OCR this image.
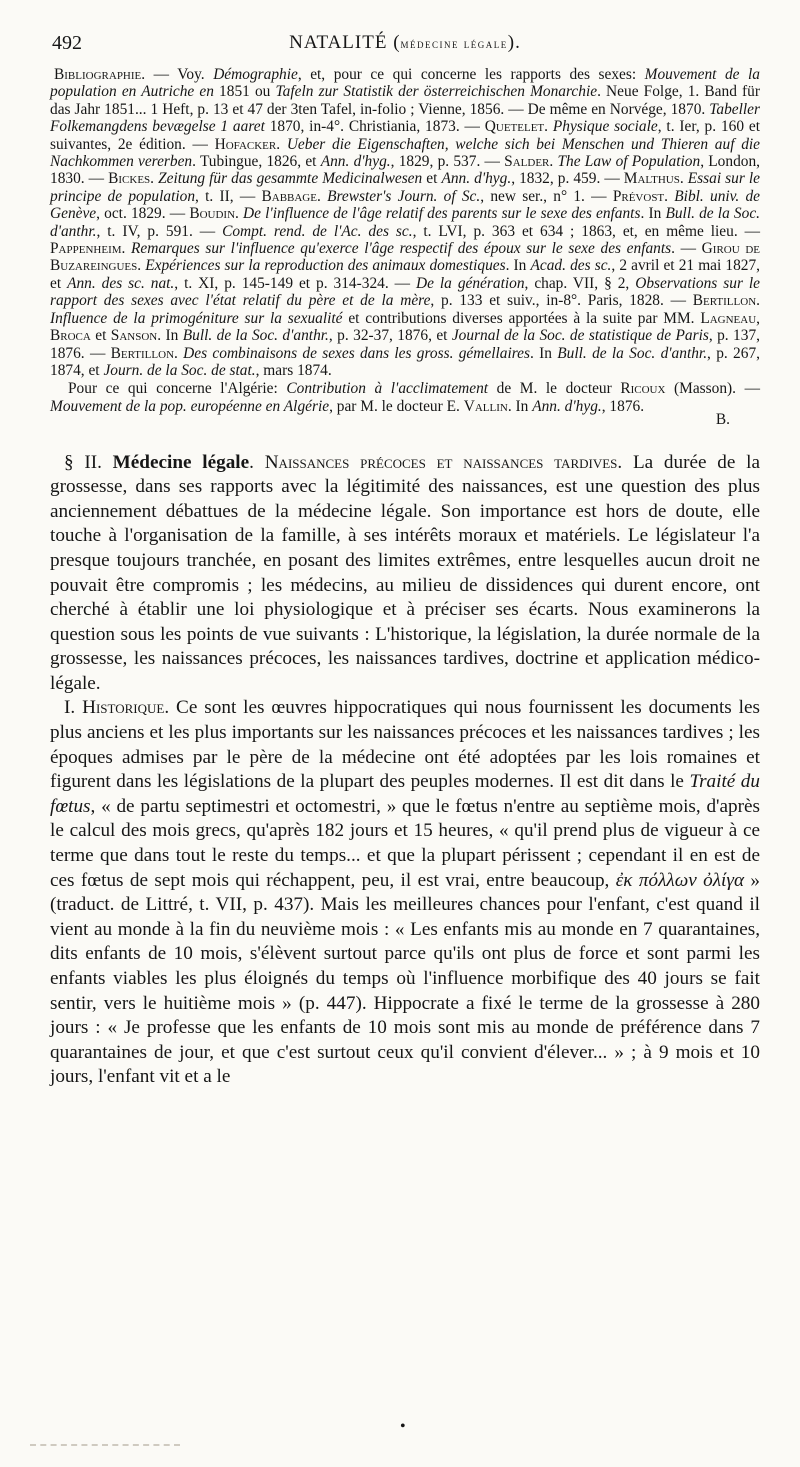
492	NATALITÉ (médecine légale).

Bibliographie. — Voy. Démographie, et, pour ce qui concerne les rapports des sexes: Mouvement de la population en Autriche en 1851 ou Tafeln zur Statistik der österreichischen Monarchie. Neue Folge, 1. Band für das Jahr 1851... 1 Heft, p. 13 et 47 der 3ten Tafel, in-folio ; Vienne, 1856. — De même en Norvége, 1870. Tabeller Folkemangdens bevægelse 1 aaret 1870, in-4°. Christiania, 1873. — Quetelet. Physique sociale, t. Ier, p. 160 et suivantes, 2e édition. — Hofacker. Ueber die Eigenschaften, welche sich bei Menschen und Thieren auf die Nachkommen vererben. Tubingue, 1826, et Ann. d'hyg., 1829, p. 537. — Salder. The Law of Population, London, 1830. — Bickes. Zeitung für das gesammte Medicinalwesen et Ann. d'hyg., 1832, p. 459. — Malthus. Essai sur le principe de population, t. II, — Babbage. Brewster's Journ. of Sc., new ser., n° 1. — Prévost. Bibl. univ. de Genève, oct. 1829. — Boudin. De l'influence de l'âge relatif des parents sur le sexe des enfants. In Bull. de la Soc. d'anthr., t. IV, p. 591. — Compt. rend. de l'Ac. des sc., t. LVI, p. 363 et 634 ; 1863, et, en même lieu. — Pappenheim. Remarques sur l'influence qu'exerce l'âge respectif des époux sur le sexe des enfants. — Girou de Buzareingues. Expériences sur la reproduction des animaux domestiques. In Acad. des sc., 2 avril et 21 mai 1827, et Ann. des sc. nat., t. XI, p. 145-149 et p. 314-324. — De la génération, chap. VII, § 2, Observations sur le rapport des sexes avec l'état relatif du père et de la mère, p. 133 et suiv., in-8°. Paris, 1828. — Bertillon. Influence de la primogéniture sur la sexualité et contributions diverses apportées à la suite par MM. Lagneau, Broca et Sanson. In Bull. de la Soc. d'anthr., p. 32-37, 1876, et Journal de la Soc. de statistique de Paris, p. 137, 1876. — Bertillon. Des combinaisons de sexes dans les gross. gémellaires. In Bull. de la Soc. d'anthr., p. 267, 1874, et Journ. de la Soc. de stat., mars 1874.

Pour ce qui concerne l'Algérie: Contribution à l'acclimatement de M. le docteur Ricoux (Masson). — Mouvement de la pop. européenne en Algérie, par M. le docteur E. Vallin. In Ann. d'hyg., 1876.

B.

§ II. Médecine légale. Naissances précoces et naissances tardives. La durée de la grossesse, dans ses rapports avec la légitimité des naissances, est une question des plus anciennement débattues de la médecine légale. Son importance est hors de doute, elle touche à l'organisation de la famille, à ses intérêts moraux et matériels. Le législateur l'a presque toujours tranchée, en posant des limites extrêmes, entre lesquelles aucun droit ne pouvait être compromis ; les médecins, au milieu de dissidences qui durent encore, ont cherché à établir une loi physiologique et à préciser ses écarts. Nous examinerons la question sous les points de vue suivants : L'historique, la législation, la durée normale de la grossesse, les naissances précoces, les naissances tardives, doctrine et application médico-légale.

I. Historique. Ce sont les œuvres hippocratiques qui nous fournissent les documents les plus anciens et les plus importants sur les naissances précoces et les naissances tardives ; les époques admises par le père de la médecine ont été adoptées par les lois romaines et figurent dans les législations de la plupart des peuples modernes. Il est dit dans le Traité du fœtus, « de partu septimestri et octomestri, » que le fœtus n'entre au septième mois, d'après le calcul des mois grecs, qu'après 182 jours et 15 heures, « qu'il prend plus de vigueur à ce terme que dans tout le reste du temps... et que la plupart périssent ; cependant il en est de ces fœtus de sept mois qui réchappent, peu, il est vrai, entre beaucoup, ἐκ πόλλων ὀλίγα » (traduct. de Littré, t. VII, p. 437). Mais les meilleures chances pour l'enfant, c'est quand il vient au monde à la fin du neuvième mois : « Les enfants mis au monde en 7 quarantaines, dits enfants de 10 mois, s'élèvent surtout parce qu'ils ont plus de force et sont parmi les enfants viables les plus éloignés du temps où l'influence morbifique des 40 jours se fait sentir, vers le huitième mois » (p. 447). Hippocrate a fixé le terme de la grossesse à 280 jours : « Je professe que les enfants de 10 mois sont mis au monde de préférence dans 7 quarantaines de jour, et que c'est surtout ceux qu'il convient d'élever... » ; à 9 mois et 10 jours, l'enfant vit et a le

•
